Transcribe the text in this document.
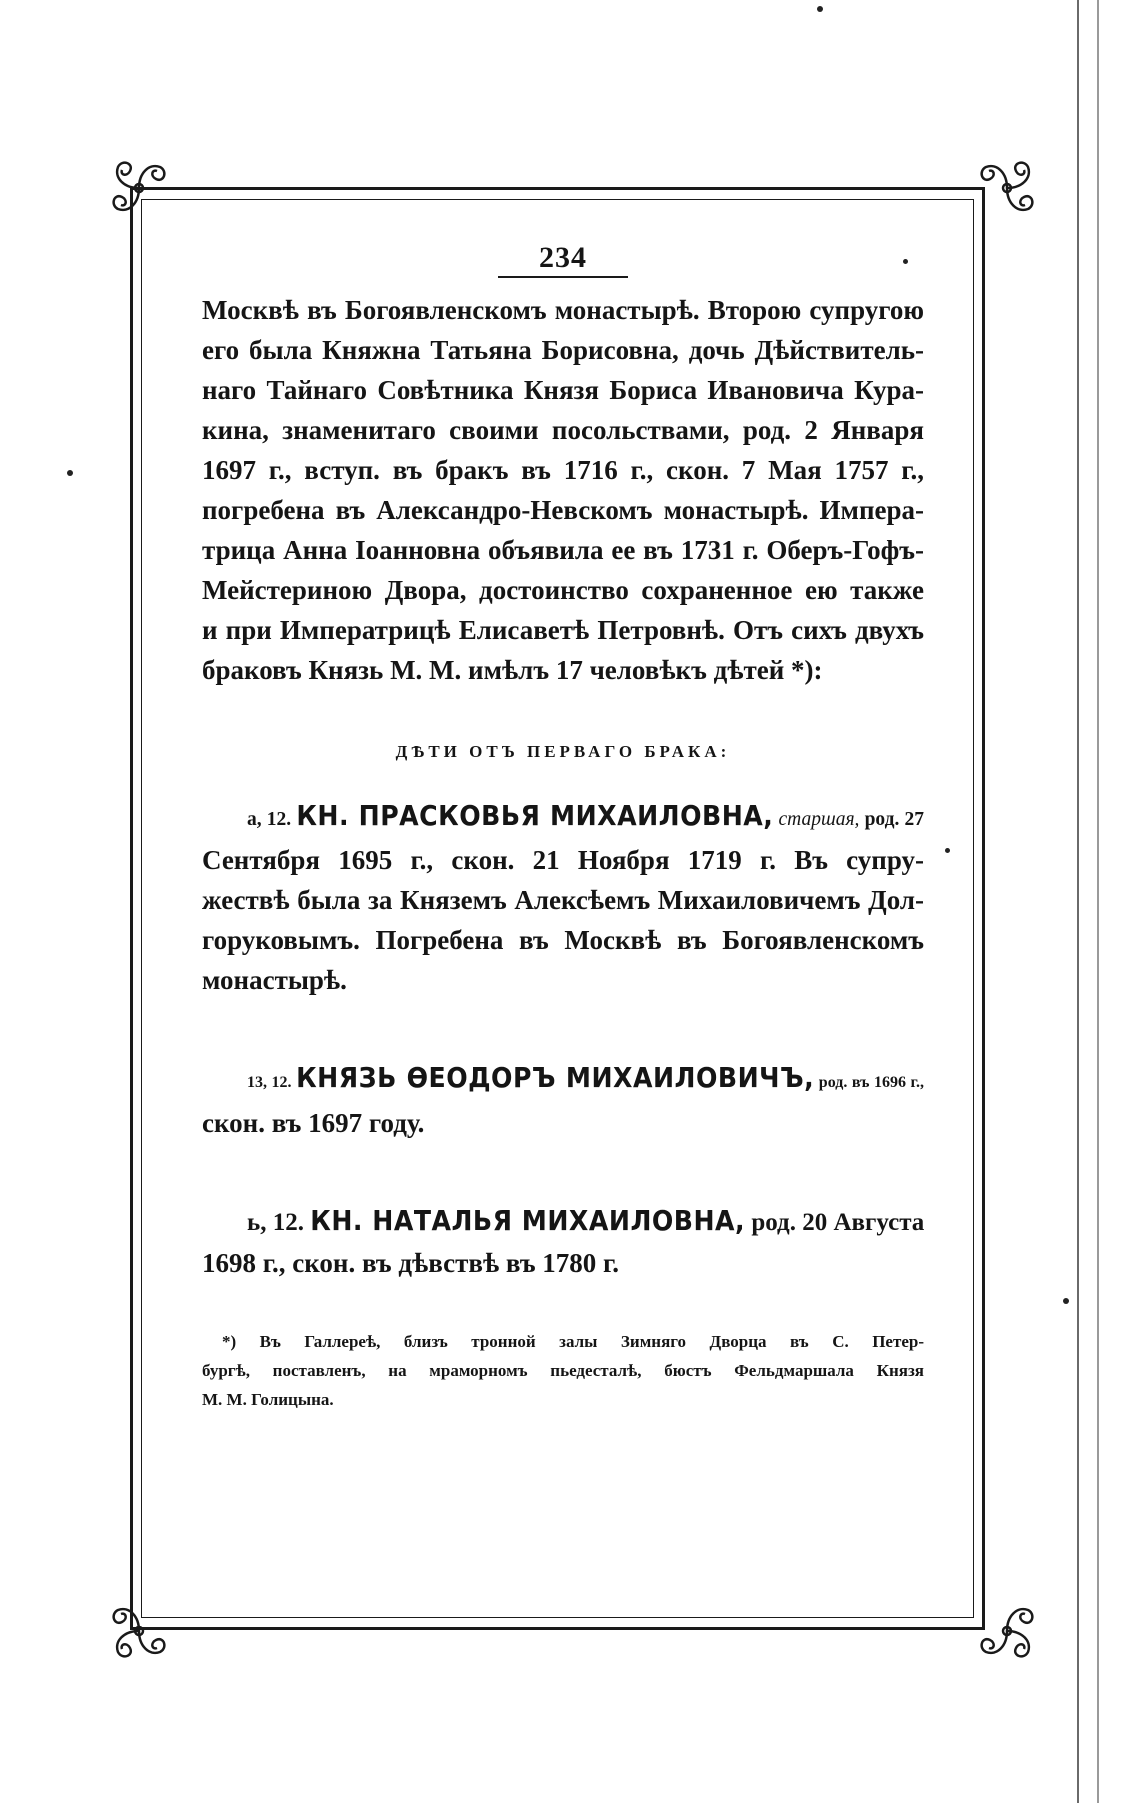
234
Москвѣ въ Богоявленскомъ монастырѣ. Второю супругою
его была Княжна Татьяна Борисовна, дочь Дѣйствитель-
наго Тайнаго Совѣтника Князя Бориса Ивановича Кура-
кина, знаменитаго своими посольствами, род. 2 Января
1697 г., вступ. въ бракъ въ 1716 г., скон. 7 Мая 1757 г.,
погребена въ Александро-Невскомъ монастырѣ. Импера-
трица Анна Іоанновна объявила ее въ 1731 г. Оберъ-Гофъ-
Мейстериною Двора, достоинство сохраненное ею также
и при Императрицѣ Елисаветѣ Петровнѣ. Отъ сихъ двухъ
браковъ Князь М. М. имѣлъ 17 человѣкъ дѣтей *):
ДѢТИ ОТЪ ПЕРВАГО БРАКА:
а, 12. КН. ПРАСКОВЬЯ МИХАИЛОВНА, старшая, род. 27
Сентября 1695 г., скон. 21 Ноября 1719 г. Въ супру-
жествѣ была за Княземъ Алексѣемъ Михаиловичемъ Дол-
горуковымъ. Погребена въ Москвѣ въ Богоявленскомъ
монастырѣ.
13, 12. КНЯЗЬ ѲЕОДОРЪ МИХАИЛОВИЧЪ, род. въ 1696 г.,
скон. въ 1697 году.
ь, 12. КН. НАТАЛЬЯ МИХАИЛОВНА, род. 20 Августа
1698 г., скон. въ дѣвствѣ въ 1780 г.
*) Въ Галлереѣ, близъ тронной залы Зимняго Дворца въ С. Петер-
бургѣ, поставленъ, на мраморномъ пьедесталѣ, бюстъ Фельдмаршала Князя
М. М. Голицына.
